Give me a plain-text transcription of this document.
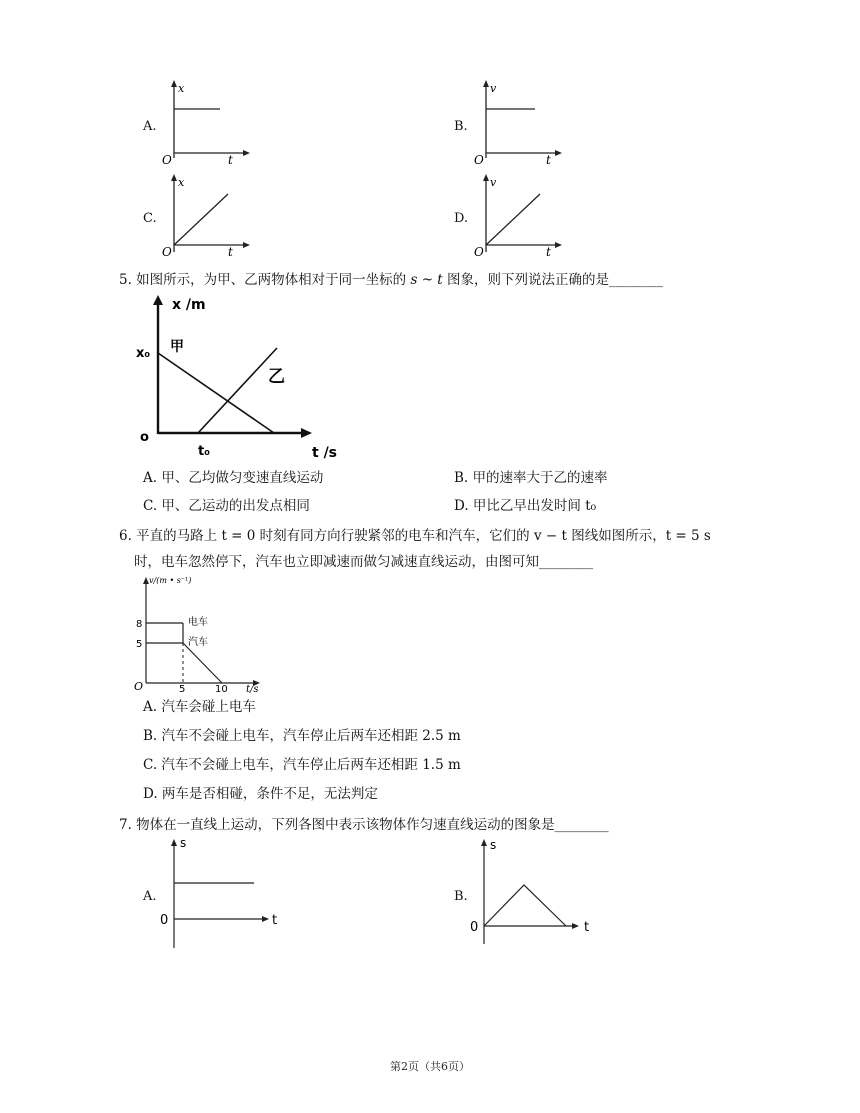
A.
x
O	t
B.
v
O	t
C.
x
O	t
D.
v
O	t
5. 如图所示，为甲、乙两物体相对于同一坐标的 s ~ t 图象，则下列说法正确的是________
x /m
x₀ 甲
乙
o
t₀	t /s
A. 甲、乙均做匀变速直线运动	B. 甲的速率大于乙的速率
C. 甲、乙运动的出发点相同	D. 甲比乙早出发时间 t₀
6. 平直的马路上 t = 0 时刻有同方向行驶紧邻的电车和汽车，它们的 v − t 图线如图所示，t = 5 s
时，电车忽然停下，汽车也立即减速而做匀减速直线运动，由图可知________
v/(m • s⁻¹)
8
5
电车
汽车
O	5	10 t/s
A. 汽车会碰上电车
B. 汽车不会碰上电车，汽车停止后两车还相距 2.5 m
C. 汽车不会碰上电车，汽车停止后两车还相距 1.5 m
D. 两车是否相碰，条件不足，无法判定
7. 物体在一直线上运动，下列各图中表示该物体作匀速直线运动的图象是________
A.
s
0	t
B.
s
0	t
第2页（共6页）
